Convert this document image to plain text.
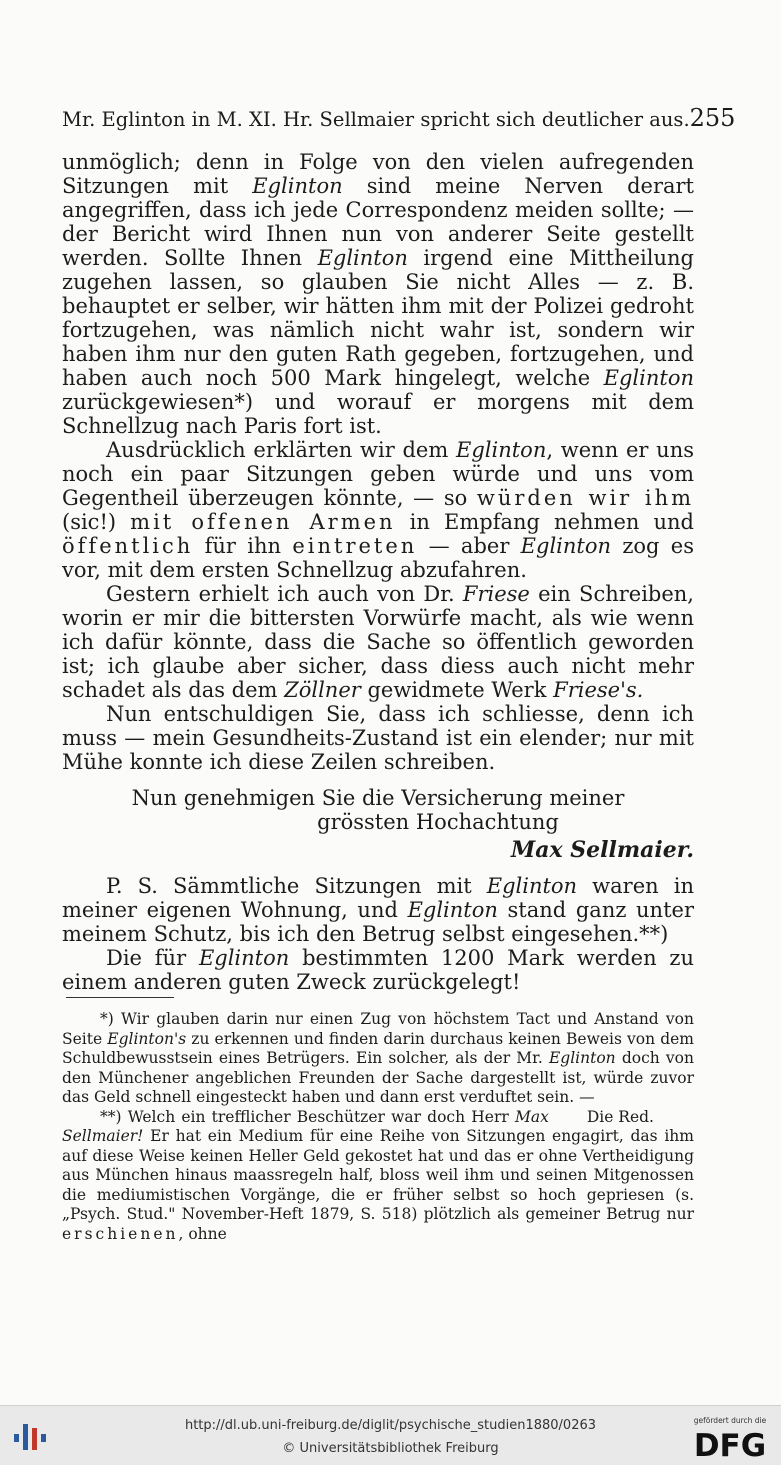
Mr. Eglinton in M. XI. Hr. Sellmaier spricht sich deutlicher aus. 255

unmöglich; denn in Folge von den vielen aufregenden Sitzungen mit Eglinton sind meine Nerven derart angegriffen, dass ich jede Correspondenz meiden sollte; — der Bericht wird Ihnen nun von anderer Seite gestellt werden. Sollte Ihnen Eglinton irgend eine Mittheilung zugehen lassen, so glauben Sie nicht Alles — z. B. behauptet er selber, wir hätten ihm mit der Polizei gedroht fortzugehen, was nämlich nicht wahr ist, sondern wir haben ihm nur den guten Rath gegeben, fortzugehen, und haben auch noch 500 Mark hingelegt, welche Eglinton zurückgewiesen*) und worauf er morgens mit dem Schnellzug nach Paris fort ist.

Ausdrücklich erklärten wir dem Eglinton, wenn er uns noch ein paar Sitzungen geben würde und uns vom Gegentheil überzeugen könnte, — so würden wir ihm (sic!) mit offenen Armen in Empfang nehmen und öffentlich für ihn eintreten — aber Eglinton zog es vor, mit dem ersten Schnellzug abzufahren.

Gestern erhielt ich auch von Dr. Friese ein Schreiben, worin er mir die bittersten Vorwürfe macht, als wie wenn ich dafür könnte, dass die Sache so öffentlich geworden ist; ich glaube aber sicher, dass diess auch nicht mehr schadet als das dem Zöllner gewidmete Werk Friese's.

Nun entschuldigen Sie, dass ich schliesse, denn ich muss — mein Gesundheits-Zustand ist ein elender; nur mit Mühe konnte ich diese Zeilen schreiben.

Nun genehmigen Sie die Versicherung meiner

grössten Hochachtung

Max Sellmaier.

P. S. Sämmtliche Sitzungen mit Eglinton waren in meiner eigenen Wohnung, und Eglinton stand ganz unter meinem Schutz, bis ich den Betrug selbst eingesehen.**)

Die für Eglinton bestimmten 1200 Mark werden zu einem anderen guten Zweck zurückgelegt!

*) Wir glauben darin nur einen Zug von höchstem Tact und Anstand von Seite Eglinton's zu erkennen und finden darin durchaus keinen Beweis von dem Schuldbewusstsein eines Betrügers. Ein solcher, als der Mr. Eglinton doch von den Münchener angeblichen Freunden der Sache dargestellt ist, würde zuvor das Geld schnell eingesteckt haben und dann erst verduftet sein. —
Die Red.

**) Welch ein trefflicher Beschützer war doch Herr Max Sellmaier! Er hat ein Medium für eine Reihe von Sitzungen engagirt, das ihm auf diese Weise keinen Heller Geld gekostet hat und das er ohne Vertheidigung aus München hinaus maassregeln half, bloss weil ihm und seinen Mitgenossen die mediumistischen Vorgänge, die er früher selbst so hoch gepriesen (s. „Psych. Stud." November-Heft 1879, S. 518) plötzlich als gemeiner Betrug nur erschienen, ohne

http://dl.ub.uni-freiburg.de/diglit/psychische_studien1880/0263
© Universitätsbibliothek Freiburg
gefördert durch die
DFG
